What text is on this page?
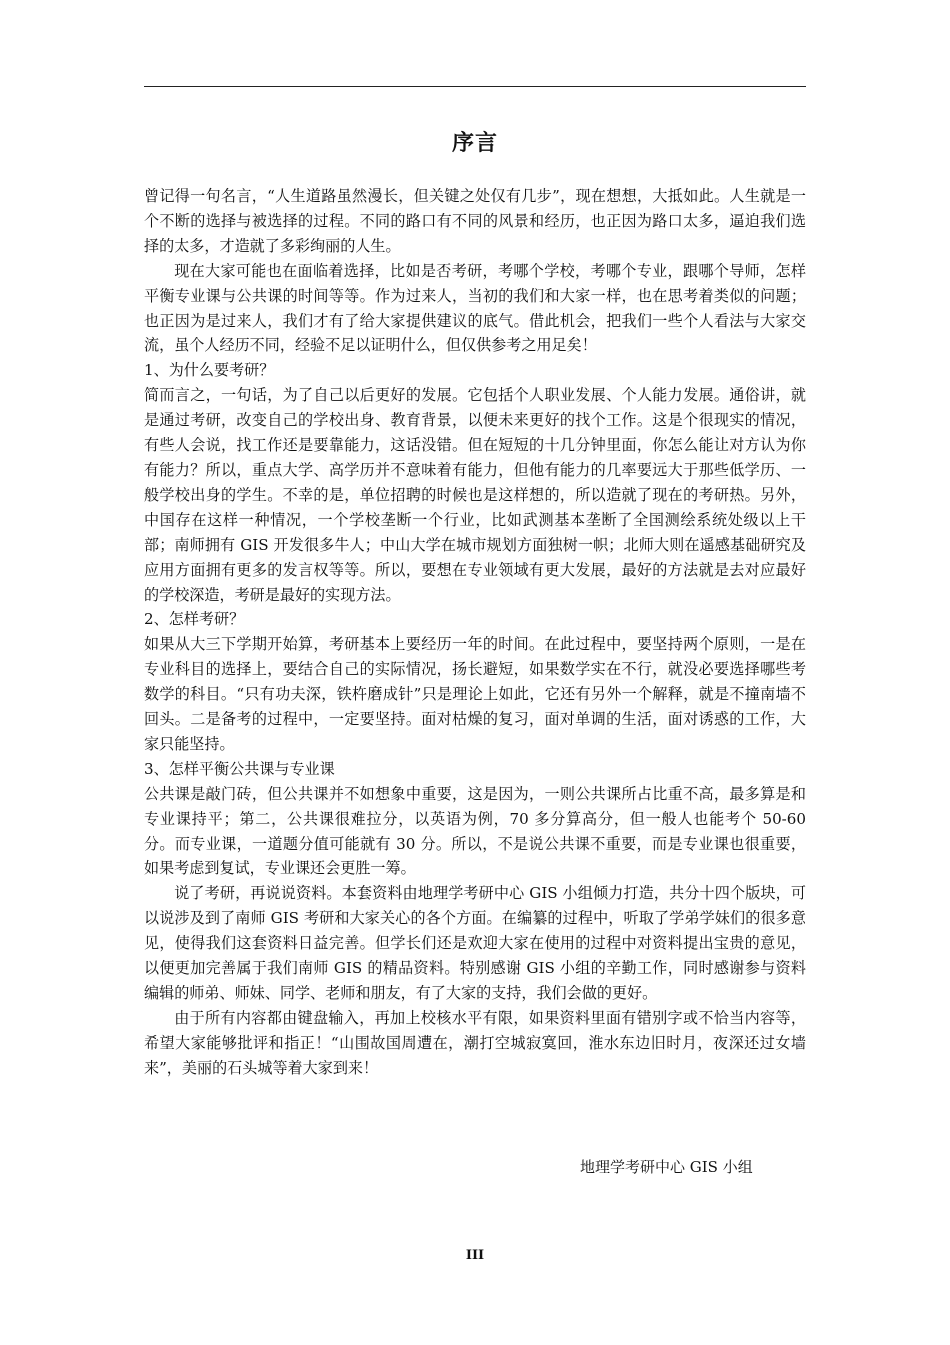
序言

曾记得一句名言，“人生道路虽然漫长，但关键之处仅有几步”，现在想想，大抵如此。人生就是一个不断的选择与被选择的过程。不同的路口有不同的风景和经历，也正因为路口太多，逼迫我们选择的太多，才造就了多彩绚丽的人生。

现在大家可能也在面临着选择，比如是否考研，考哪个学校，考哪个专业，跟哪个导师，怎样平衡专业课与公共课的时间等等。作为过来人，当初的我们和大家一样，也在思考着类似的问题；也正因为是过来人，我们才有了给大家提供建议的底气。借此机会，把我们一些个人看法与大家交流，虽个人经历不同，经验不足以证明什么，但仅供参考之用足矣！

1、为什么要考研？

简而言之，一句话，为了自己以后更好的发展。它包括个人职业发展、个人能力发展。通俗讲，就是通过考研，改变自己的学校出身、教育背景，以便未来更好的找个工作。这是个很现实的情况，有些人会说，找工作还是要靠能力，这话没错。但在短短的十几分钟里面，你怎么能让对方认为你有能力？所以，重点大学、高学历并不意味着有能力，但他有能力的几率要远大于那些低学历、一般学校出身的学生。不幸的是，单位招聘的时候也是这样想的，所以造就了现在的考研热。另外，中国存在这样一种情况，一个学校垄断一个行业，比如武测基本垄断了全国测绘系统处级以上干部；南师拥有 GIS 开发很多牛人；中山大学在城市规划方面独树一帜；北师大则在遥感基础研究及应用方面拥有更多的发言权等等。所以，要想在专业领域有更大发展，最好的方法就是去对应最好的学校深造，考研是最好的实现方法。

2、怎样考研？

如果从大三下学期开始算，考研基本上要经历一年的时间。在此过程中，要坚持两个原则，一是在专业科目的选择上，要结合自己的实际情况，扬长避短，如果数学实在不行，就没必要选择哪些考数学的科目。“只有功夫深，铁杵磨成针”只是理论上如此，它还有另外一个解释，就是不撞南墙不回头。二是备考的过程中，一定要坚持。面对枯燥的复习，面对单调的生活，面对诱惑的工作，大家只能坚持。

3、怎样平衡公共课与专业课

公共课是敲门砖，但公共课并不如想象中重要，这是因为，一则公共课所占比重不高，最多算是和专业课持平；第二，公共课很难拉分，以英语为例，70 多分算高分，但一般人也能考个 50-60 分。而专业课，一道题分值可能就有 30 分。所以，不是说公共课不重要，而是专业课也很重要，如果考虑到复试，专业课还会更胜一筹。

说了考研，再说说资料。本套资料由地理学考研中心 GIS 小组倾力打造，共分十四个版块，可以说涉及到了南师 GIS 考研和大家关心的各个方面。在编纂的过程中，听取了学弟学妹们的很多意见，使得我们这套资料日益完善。但学长们还是欢迎大家在使用的过程中对资料提出宝贵的意见，以便更加完善属于我们南师 GIS 的精品资料。特别感谢 GIS 小组的辛勤工作，同时感谢参与资料编辑的师弟、师妹、同学、老师和朋友，有了大家的支持，我们会做的更好。

由于所有内容都由键盘输入，再加上校核水平有限，如果资料里面有错别字或不恰当内容等，希望大家能够批评和指正！“山围故国周遭在，潮打空城寂寞回，淮水东边旧时月，夜深还过女墙来”，美丽的石头城等着大家到来！

地理学考研中心 GIS 小组
III
